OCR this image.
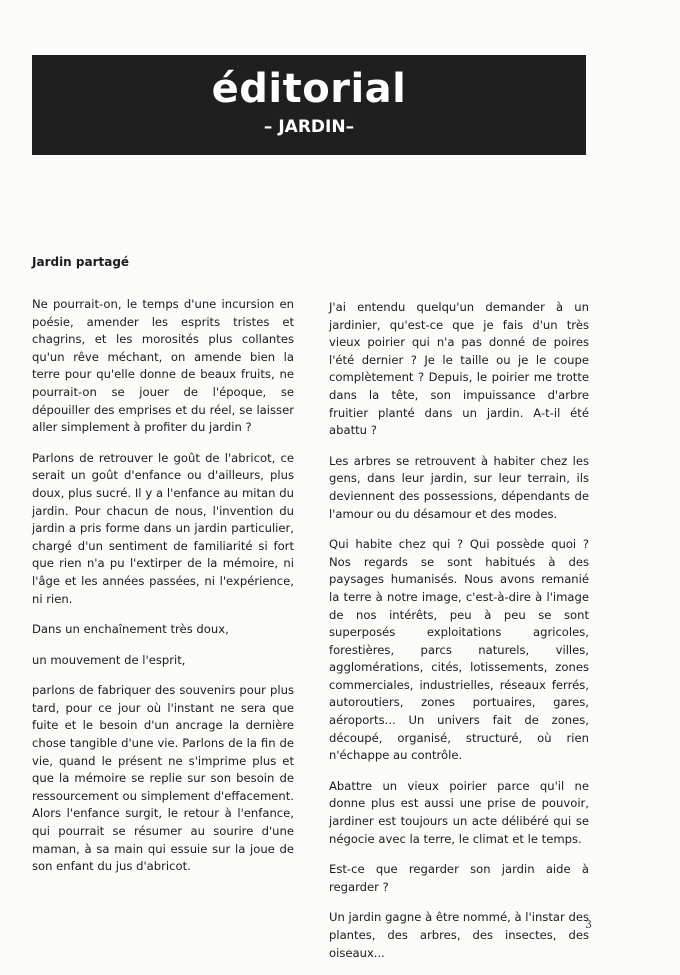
éditorial
– JARDIN–
Jardin partagé

Ne pourrait-on, le temps d'une incursion en poésie, amender les esprits tristes et chagrins, et les morosités plus collantes qu'un rêve méchant, on amende bien la terre pour qu'elle donne de beaux fruits, ne pourrait-on se jouer de l'époque, se dépouiller des emprises et du réel, se laisser aller simplement à profiter du jardin ?

Parlons de retrouver le goût de l'abricot, ce serait un goût d'enfance ou d'ailleurs, plus doux, plus sucré. Il y a l'enfance au mitan du jardin. Pour chacun de nous, l'invention du jardin a pris forme dans un jardin particulier, chargé d'un sentiment de familiarité si fort que rien n'a pu l'extirper de la mémoire, ni l'âge et les années passées, ni l'expérience, ni rien.

Dans un enchaînement très doux,

un mouvement de l'esprit,

parlons de fabriquer des souvenirs pour plus tard, pour ce jour où l'instant ne sera que fuite et le besoin d'un ancrage la dernière chose tangible d'une vie. Parlons de la fin de vie, quand le présent ne s'imprime plus et que la mémoire se replie sur son besoin de ressourcement ou simplement d'effacement. Alors l'enfance surgit, le retour à l'enfance, qui pourrait se résumer au sourire d'une maman, à sa main qui essuie sur la joue de son enfant du jus d'abricot.

J'ai entendu quelqu'un demander à un jardinier, qu'est-ce que je fais d'un très vieux poirier qui n'a pas donné de poires l'été dernier ? Je le taille ou je le coupe complètement ? Depuis, le poirier me trotte dans la tête, son impuissance d'arbre fruitier planté dans un jardin. A-t-il été abattu ?

Les arbres se retrouvent à habiter chez les gens, dans leur jardin, sur leur terrain, ils deviennent des possessions, dépendants de l'amour ou du désamour et des modes.

Qui habite chez qui ? Qui possède quoi ? Nos regards se sont habitués à des paysages humanisés. Nous avons remanié la terre à notre image, c'est-à-dire à l'image de nos intérêts, peu à peu se sont superposés exploitations agricoles, forestières, parcs naturels, villes, agglomérations, cités, lotissements, zones commerciales, industrielles, réseaux ferrés, autoroutiers, zones portuaires, gares, aéroports... Un univers fait de zones, découpé, organisé, structuré, où rien n'échappe au contrôle.

Abattre un vieux poirier parce qu'il ne donne plus est aussi une prise de pouvoir, jardiner est toujours un acte délibéré qui se négocie avec la terre, le climat et le temps.

Est-ce que regarder son jardin aide à regarder ?

Un jardin gagne à être nommé, à l'instar des plantes, des arbres, des insectes, des oiseaux...

3
